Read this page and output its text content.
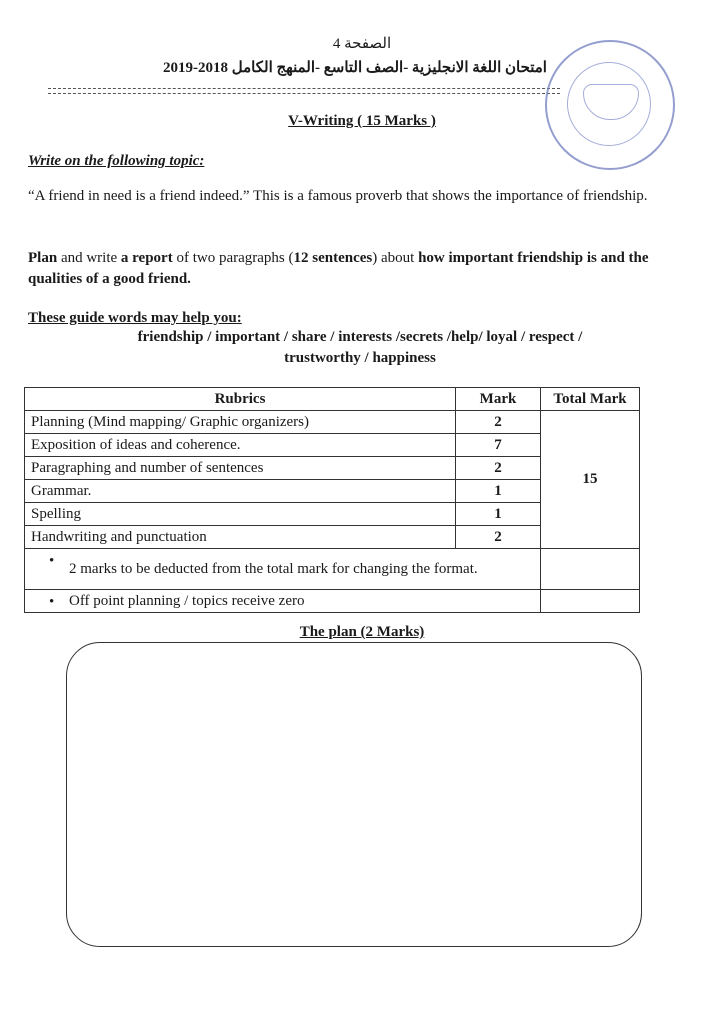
الصفحة 4
امتحان اللغة الانجليزية -الصف التاسع -المنهج الكامل 2018-2019
V-Writing ( 15 Marks )
Write on the following topic:
“A friend in need is a friend indeed.” This is a famous proverb that shows the importance of friendship.
Plan and write a report of two paragraphs (12 sentences) about how important friendship is and the qualities of a good friend.
These guide words may help you:
friendship / important / share / interests /secrets /help/ loyal / respect /
trustworthy / happiness
Rubrics	Mark	Total Mark
Planning (Mind mapping/ Graphic organizers)	2	15
Exposition of ideas and coherence.	7	
Paragraphing and number of sentences	2	
Grammar.	1	
Spelling	1	
Handwriting and punctuation	2	

• 2 marks to be deducted from the total mark for changing the format.		

• Off point planning / topics receive zero		
The plan (2 Marks)
